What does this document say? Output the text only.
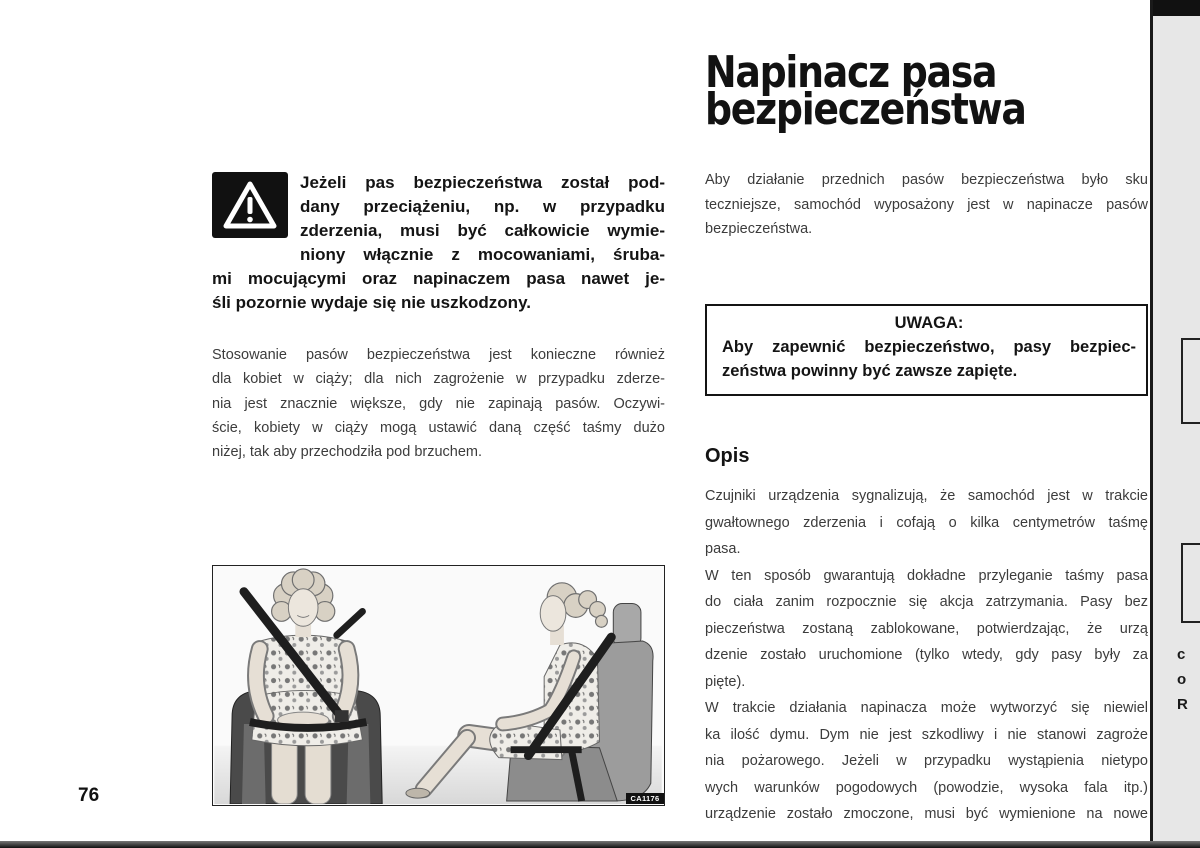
Jeżeli pas bezpieczeństwa został pod-
dany przeciążeniu, np. w przypadku
zderzenia, musi być całkowicie wymie-
niony włącznie z mocowaniami, śruba-
mi mocującymi oraz napinaczem pasa nawet je-
śli pozornie wydaje się nie uszkodzony.
Stosowanie pasów bezpieczeństwa jest konieczne również
dla kobiet w ciąży; dla nich zagrożenie w przypadku zderze-
nia jest znacznie większe, gdy nie zapinają pasów. Oczywi-
ście, kobiety w ciąży mogą ustawić daną część taśmy dużo
niżej, tak aby przechodziła pod brzuchem.
CA1176
76
Napinacz pasa
bezpieczeństwa
Aby działanie przednich pasów bezpieczeństwa było sku
teczniejsze, samochód wyposażony jest w napinacze pasów
bezpieczeństwa.
UWAGA:
Aby zapewnić bezpieczeństwo, pasy bezpiec-
zeństwa powinny być zawsze zapięte.
Opis
Czujniki urządzenia sygnalizują, że samochód jest w trakcie
gwałtownego zderzenia i cofają o kilka centymetrów taśmę
pasa.
W ten sposób gwarantują dokładne przyleganie taśmy pasa
do ciała zanim rozpocznie się akcja zatrzymania. Pasy bez
pieczeństwa zostaną zablokowane, potwierdzając, że urzą
dzenie zostało uruchomione (tylko wtedy, gdy pasy były za
pięte).
W trakcie działania napinacza może wytworzyć się niewiel
ka ilość dymu. Dym nie jest szkodliwy i nie stanowi zagroże
nia pożarowego. Jeżeli w przypadku wystąpienia nietypo
wych warunków pogodowych (powodzie, wysoka fala itp.)
urządzenie zostało zmoczone, musi być wymienione na nowe
c
o
R
